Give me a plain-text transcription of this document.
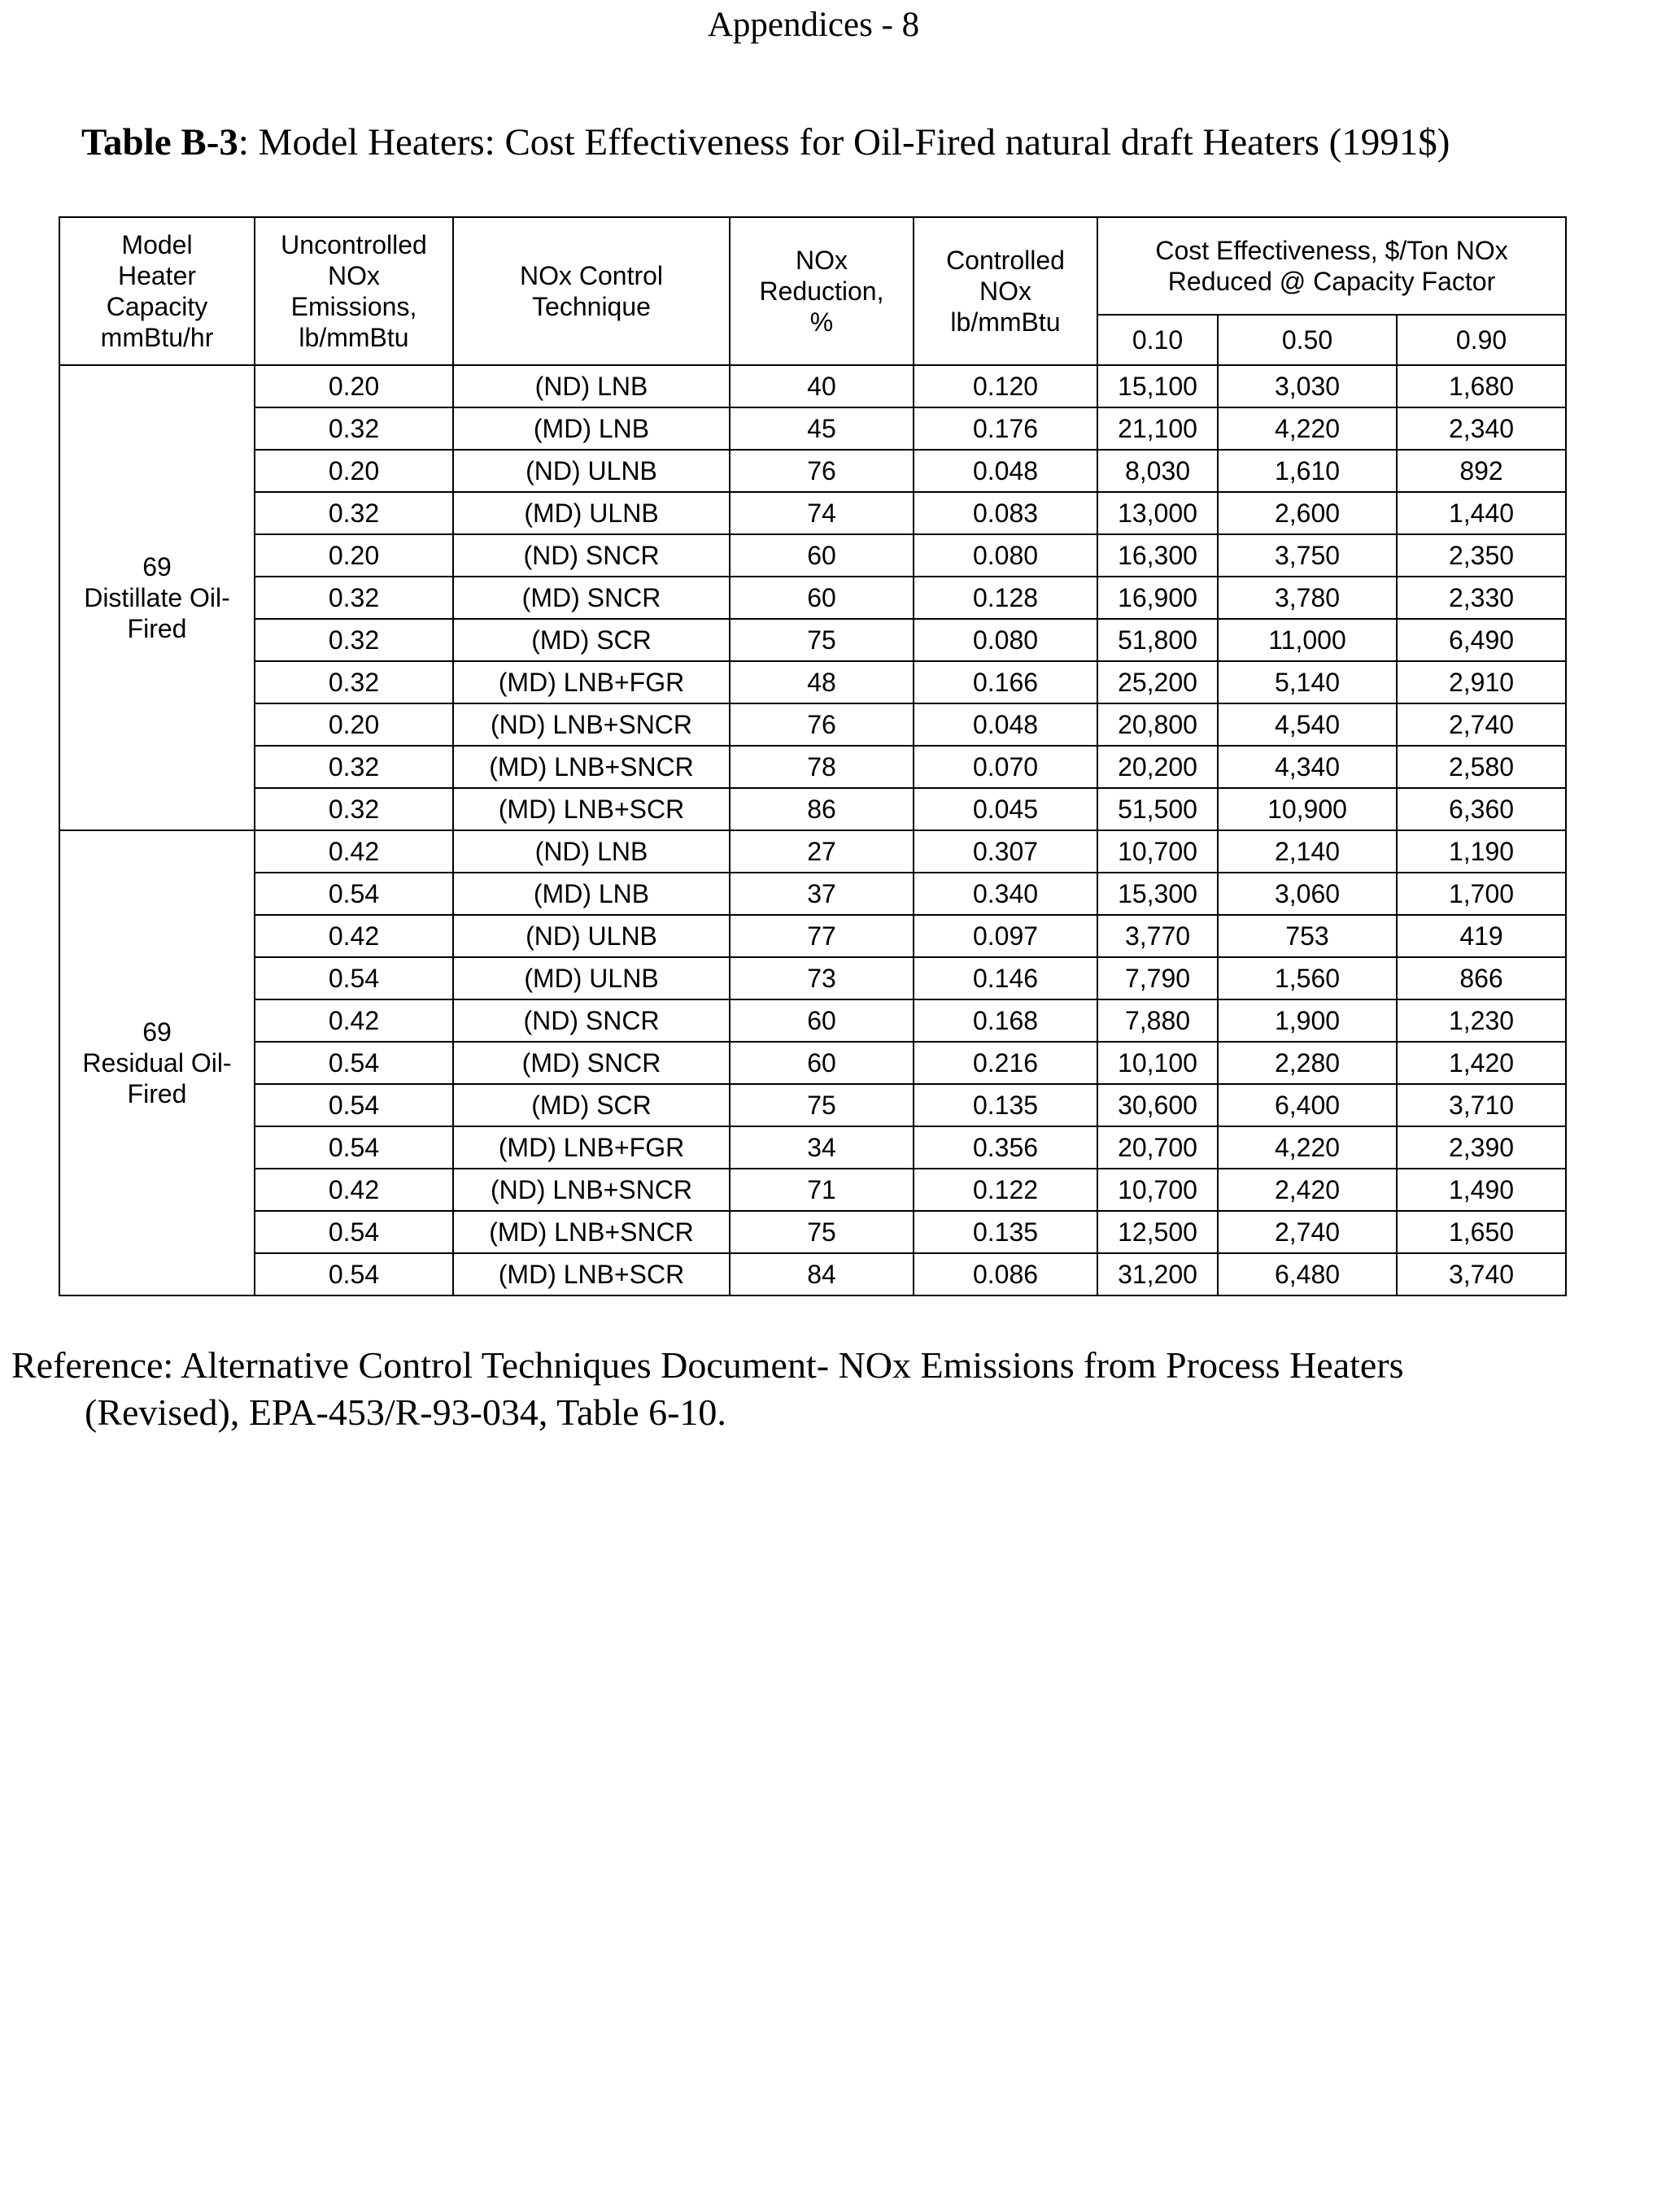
Appendices - 8
Table B-3: Model Heaters: Cost Effectiveness for Oil-Fired natural draft Heaters (1991$)
Model
Heater
Capacity
mmBtu/hr	Uncontrolled
NOx
Emissions,
lb/mmBtu	NOx Control
Technique	NOx
Reduction,
%	Controlled
NOx
lb/mmBtu	Cost Effectiveness, $/Ton NOx
Reduced @ Capacity Factor		

					0.10	0.50	0.90

69
Distillate Oil-
Fired	0.20	(ND) LNB	40	0.120	15,100	3,030	1,680
	0.32	(MD) LNB	45	0.176	21,100	4,220	2,340
	0.20	(ND) ULNB	76	0.048	8,030	1,610	892
	0.32	(MD) ULNB	74	0.083	13,000	2,600	1,440
	0.20	(ND) SNCR	60	0.080	16,300	3,750	2,350
	0.32	(MD) SNCR	60	0.128	16,900	3,780	2,330
	0.32	(MD) SCR	75	0.080	51,800	11,000	6,490
	0.32	(MD) LNB+FGR	48	0.166	25,200	5,140	2,910
	0.20	(ND) LNB+SNCR	76	0.048	20,800	4,540	2,740
	0.32	(MD) LNB+SNCR	78	0.070	20,200	4,340	2,580
	0.32	(MD) LNB+SCR	86	0.045	51,500	10,900	6,360

69
Residual Oil-
Fired	0.42	(ND) LNB	27	0.307	10,700	2,140	1,190
	0.54	(MD) LNB	37	0.340	15,300	3,060	1,700
	0.42	(ND) ULNB	77	0.097	3,770	753	419
	0.54	(MD) ULNB	73	0.146	7,790	1,560	866
	0.42	(ND) SNCR	60	0.168	7,880	1,900	1,230
	0.54	(MD) SNCR	60	0.216	10,100	2,280	1,420
	0.54	(MD) SCR	75	0.135	30,600	6,400	3,710
	0.54	(MD) LNB+FGR	34	0.356	20,700	4,220	2,390
	0.42	(ND) LNB+SNCR	71	0.122	10,700	2,420	1,490
	0.54	(MD) LNB+SNCR	75	0.135	12,500	2,740	1,650
	0.54	(MD) LNB+SCR	84	0.086	31,200	6,480	3,740
Reference: Alternative Control Techniques Document- NOx Emissions from Process Heaters
(Revised), EPA-453/R-93-034, Table 6-10.
